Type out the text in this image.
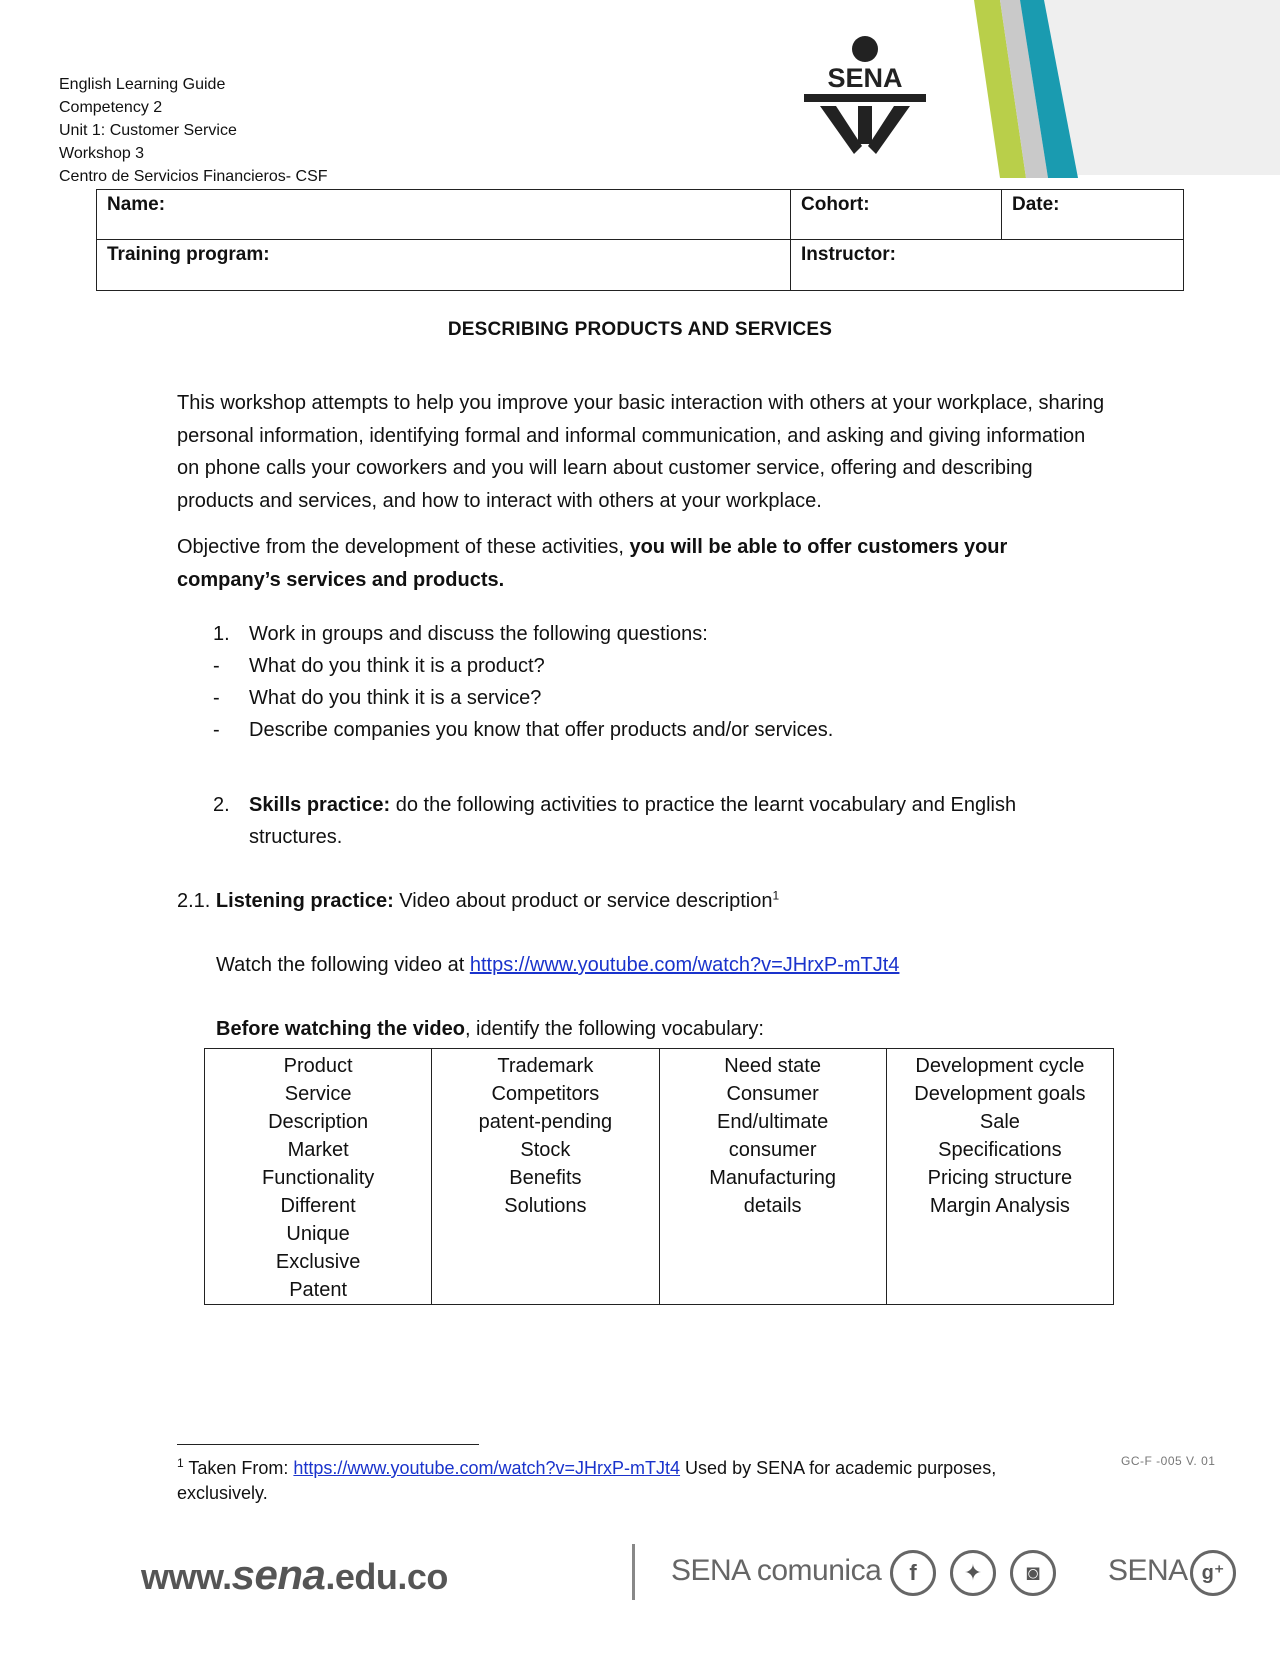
English Learning Guide
Competency 2
Unit 1: Customer Service
Workshop 3
Centro de Servicios Financieros- CSF
SENA
Name:	Cohort:	Date:
Training program:	Instructor:	
DESCRIBING PRODUCTS AND SERVICES
This workshop attempts to help you improve your basic interaction with others at your workplace, sharing personal information, identifying formal and informal communication, and asking and giving information on phone calls your coworkers and you will learn about customer service, offering and describing products and services, and how to interact with others at your workplace.
Objective from the development of these activities, you will be able to offer customers your company’s services and products.
1. Work in groups and discuss the following questions:
-	What do you think it is a product?
-	What do you think it is a service?
-	Describe companies you know that offer products and/or services.
2. Skills practice: do the following activities to practice the learnt vocabulary and English
structures.
2.1. Listening practice: Video about product or service description$^1$
Watch the following video at https://www.youtube.com/watch?v=JHrxP-mTJt4
Before watching the video, identify the following vocabulary:
Product
Service
Description
Market
Functionality
Different
Unique
Exclusive
Patent

Trademark
Competitors
patent-pending
Stock
Benefits
Solutions

Need state
Consumer
End/ultimate
consumer
Manufacturing
details

Development cycle
Development goals
Sale
Specifications
Pricing structure
Margin Analysis
$^1$ Taken From: https://www.youtube.com/watch?v=JHrxP-mTJt4 Used by SENA for academic purposes,
exclusively.
GC-F -005 V. 01
www.sena.edu.co	SENA comunica	f	✦	◙	SENA g⁺
